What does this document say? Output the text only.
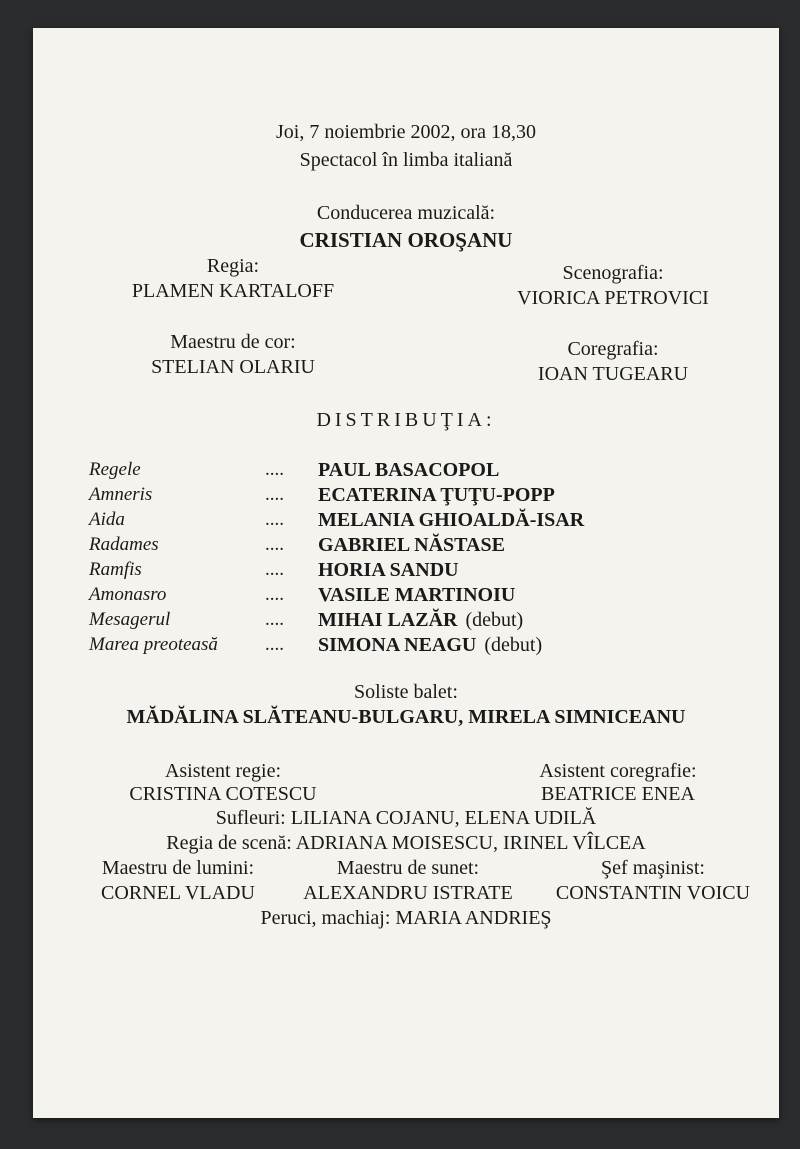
Joi, 7 noiembrie 2002, ora 18,30
Spectacol în limba italiană
Conducerea muzicală:
CRISTIAN OROŞANU
Regia:
PLAMEN KARTALOFF
Scenografia:
VIORICA PETROVICI
Maestru de cor:
STELIAN OLARIU
Coregrafia:
IOAN TUGEARU
DISTRIBUŢIA:
Regele	.... PAUL BASACOPOL
Amneris	.... ECATERINA ŢUŢU-POPP
Aida	.... MELANIA GHIOALDĂ-ISAR
Radames	.... GABRIEL NĂSTASE
Ramfis	.... HORIA SANDU
Amonasro	.... VASILE MARTINOIU
Mesagerul	.... MIHAI LAZĂR (debut)
Marea preoteasă .... SIMONA NEAGU (debut)
Soliste balet:
MĂDĂLINA SLĂTEANU-BULGARU, MIRELA SIMNICEANU
Asistent regie:
CRISTINA COTESCU
Asistent coregrafie:
BEATRICE ENEA
Sufleuri: LILIANA COJANU, ELENA UDILĂ
Regia de scenă: ADRIANA MOISESCU, IRINEL VÎLCEA
Maestru de lumini:
CORNEL VLADU
Maestru de sunet:
ALEXANDRU ISTRATE
Şef maşinist:
CONSTANTIN VOICU
Peruci, machiaj: MARIA ANDRIEŞ
